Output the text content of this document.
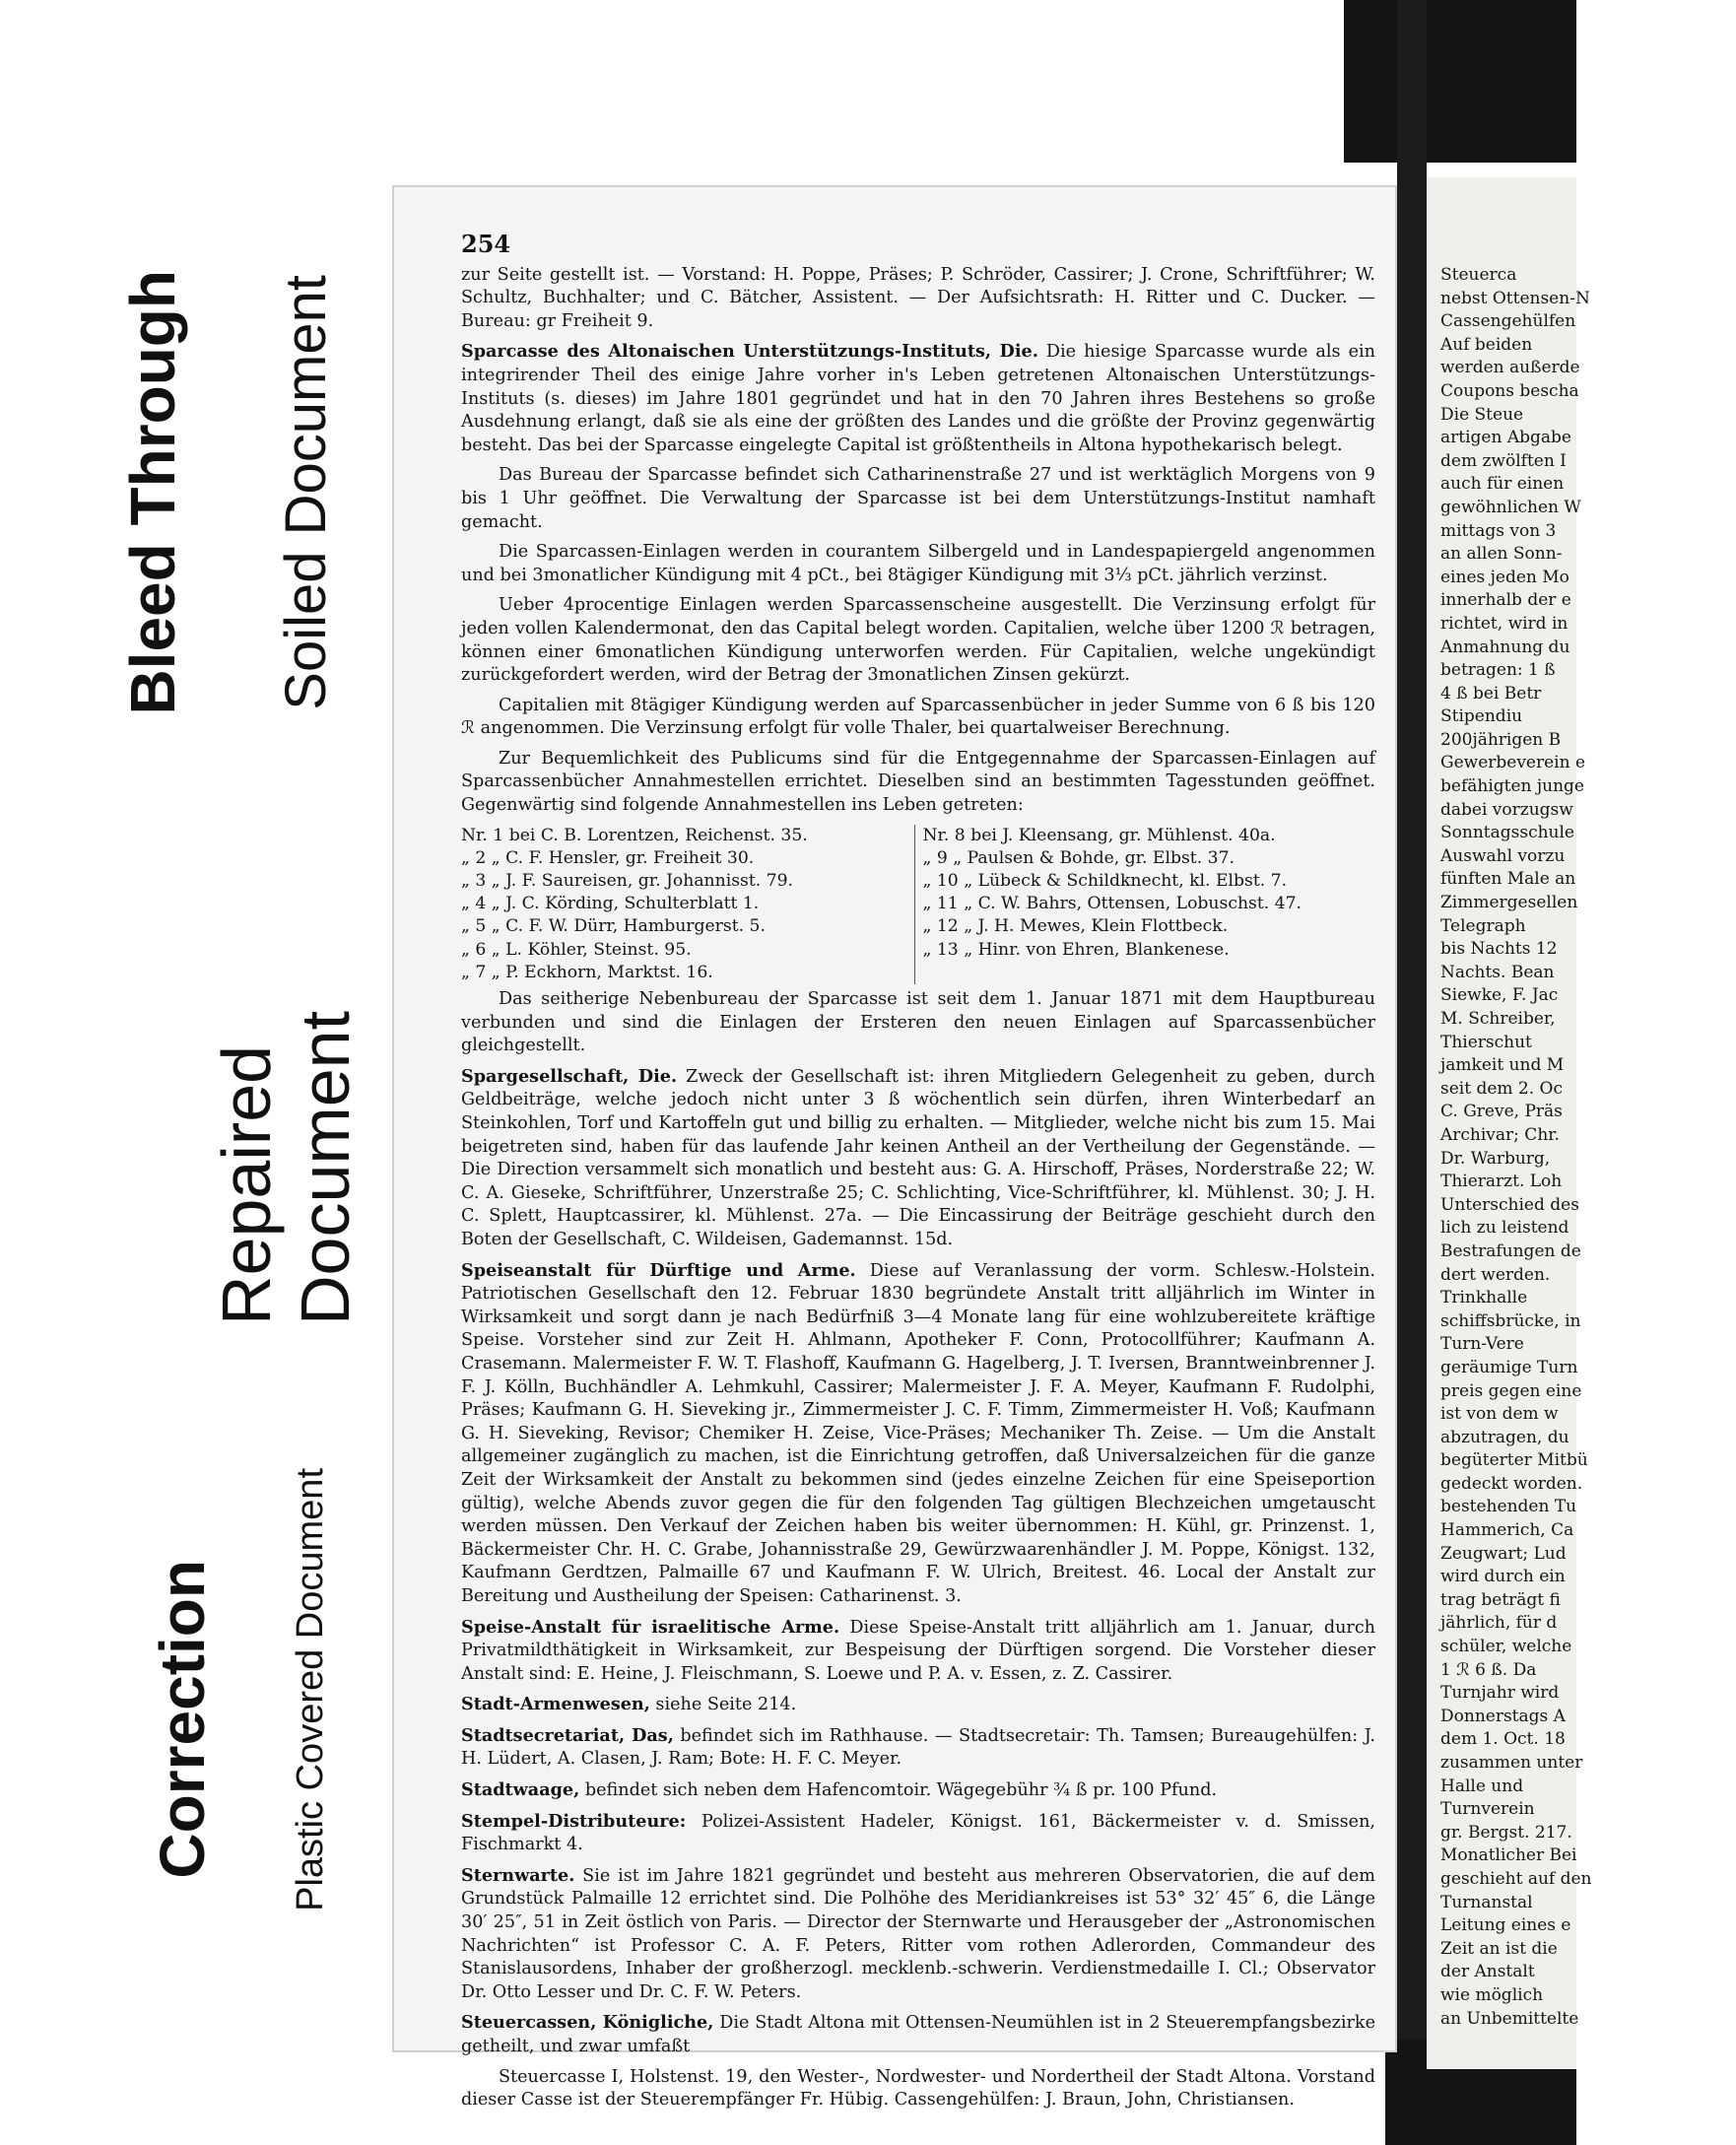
Bleed Through Soiled Document
Repaired Document
Correction Plastic Covered Document
254

zur Seite gestellt ist. — Vorstand: H. Poppe, Präses; P. Schröder, Cassirer; J. Crone, Schriftführer; W. Schultz, Buchhalter; und C. Bätcher, Assistent. — Der Aufsichtsrath: H. Ritter und C. Ducker. — Bureau: gr Freiheit 9.

Sparcasse des Altonaischen Unterstützungs-Instituts, Die. Die hiesige Sparcasse wurde als ein integrirender Theil des einige Jahre vorher in's Leben getretenen Altonaischen Unterstützungs-Instituts (s. dieses) im Jahre 1801 gegründet und hat in den 70 Jahren ihres Bestehens so große Ausdehnung erlangt, daß sie als eine der größten des Landes und die größte der Provinz gegenwärtig besteht. Das bei der Sparcasse eingelegte Capital ist größtentheils in Altona hypothekarisch belegt.

Das Bureau der Sparcasse befindet sich Catharinenstraße 27 und ist werktäglich Morgens von 9 bis 1 Uhr geöffnet. Die Verwaltung der Sparcasse ist bei dem Unterstützungs-Institut namhaft gemacht.

Die Sparcassen-Einlagen werden in courantem Silbergeld und in Landespapiergeld angenommen und bei 3monatlicher Kündigung mit 4 pCt., bei 8tägiger Kündigung mit 3⅓ pCt. jährlich verzinst.

Ueber 4procentige Einlagen werden Sparcassenscheine ausgestellt. Die Verzinsung erfolgt für jeden vollen Kalendermonat, den das Capital belegt worden. Capitalien, welche über 1200 ℛ betragen, können einer 6monatlichen Kündigung unterworfen werden. Für Capitalien, welche ungekündigt zurückgefordert werden, wird der Betrag der 3monatlichen Zinsen gekürzt.

Capitalien mit 8tägiger Kündigung werden auf Sparcassenbücher in jeder Summe von 6 ß bis 120 ℛ angenommen. Die Verzinsung erfolgt für volle Thaler, bei quartalweiser Berechnung.

Zur Bequemlichkeit des Publicums sind für die Entgegennahme der Sparcassen-Einlagen auf Sparcassenbücher Annahmestellen errichtet. Dieselben sind an bestimmten Tagesstunden geöffnet. Gegenwärtig sind folgende Annahmestellen ins Leben getreten:

Nr. 1 bei C. B. Lorentzen, Reichenst. 35.
„ 2 „ C. F. Hensler, gr. Freiheit 30.
„ 3 „ J. F. Saureisen, gr. Johannisst. 79.
„ 4 „ J. C. Körding, Schulterblatt 1.
„ 5 „ C. F. W. Dürr, Hamburgerst. 5.
„ 6 „ L. Köhler, Steinst. 95.
„ 7 „ P. Eckhorn, Marktst. 16.
Nr. 8 bei J. Kleensang, gr. Mühlenst. 40a.
„ 9 „ Paulsen & Bohde, gr. Elbst. 37.
„ 10 „ Lübeck & Schildknecht, kl. Elbst. 7.
„ 11 „ C. W. Bahrs, Ottensen, Lobuschst. 47.
„ 12 „ J. H. Mewes, Klein Flottbeck.
„ 13 „ Hinr. von Ehren, Blankenese.

Das seitherige Nebenbureau der Sparcasse ist seit dem 1. Januar 1871 mit dem Hauptbureau verbunden und sind die Einlagen der Ersteren den neuen Einlagen auf Sparcassenbücher gleichgestellt.

Spargesellschaft, Die. Zweck der Gesellschaft ist: ihren Mitgliedern Gelegenheit zu geben, durch Geldbeiträge, welche jedoch nicht unter 3 ß wöchentlich sein dürfen, ihren Winterbedarf an Steinkohlen, Torf und Kartoffeln gut und billig zu erhalten. — Mitglieder, welche nicht bis zum 15. Mai beigetreten sind, haben für das laufende Jahr keinen Antheil an der Vertheilung der Gegenstände. — Die Direction versammelt sich monatlich und besteht aus: G. A. Hirschoff, Präses, Norderstraße 22; W. C. A. Gieseke, Schriftführer, Unzerstraße 25; C. Schlichting, Vice-Schriftführer, kl. Mühlenst. 30; J. H. C. Splett, Hauptcassirer, kl. Mühlenst. 27a. — Die Eincassirung der Beiträge geschieht durch den Boten der Gesellschaft, C. Wildeisen, Gademannst. 15d.

Speiseanstalt für Dürftige und Arme. Diese auf Veranlassung der vorm. Schlesw.-Holstein. Patriotischen Gesellschaft den 12. Februar 1830 begründete Anstalt tritt alljährlich im Winter in Wirksamkeit und sorgt dann je nach Bedürfniß 3—4 Monate lang für eine wohlzubereitete kräftige Speise. Vorsteher sind zur Zeit H. Ahlmann, Apotheker F. Conn, Protocollführer; Kaufmann A. Crasemann. Malermeister F. W. T. Flashoff, Kaufmann G. Hagelberg, J. T. Iversen, Branntweinbrenner J. F. J. Kölln, Buchhändler A. Lehmkuhl, Cassirer; Malermeister J. F. A. Meyer, Kaufmann F. Rudolphi, Präses; Kaufmann G. H. Sieveking jr., Zimmermeister J. C. F. Timm, Zimmermeister H. Voß; Kaufmann G. H. Sieveking, Revisor; Chemiker H. Zeise, Vice-Präses; Mechaniker Th. Zeise. — Um die Anstalt allgemeiner zugänglich zu machen, ist die Einrichtung getroffen, daß Universalzeichen für die ganze Zeit der Wirksamkeit der Anstalt zu bekommen sind (jedes einzelne Zeichen für eine Speiseportion gültig), welche Abends zuvor gegen die für den folgenden Tag gültigen Blechzeichen umgetauscht werden müssen. Den Verkauf der Zeichen haben bis weiter übernommen: H. Kühl, gr. Prinzenst. 1, Bäckermeister Chr. H. C. Grabe, Johannisstraße 29, Gewürzwaarenhändler J. M. Poppe, Königst. 132, Kaufmann Gerdtzen, Palmaille 67 und Kaufmann F. W. Ulrich, Breitest. 46. Local der Anstalt zur Bereitung und Austheilung der Speisen: Catharinenst. 3.

Speise-Anstalt für israelitische Arme. Diese Speise-Anstalt tritt alljährlich am 1. Januar, durch Privatmildthätigkeit in Wirksamkeit, zur Bespeisung der Dürftigen sorgend. Die Vorsteher dieser Anstalt sind: E. Heine, J. Fleischmann, S. Loewe und P. A. v. Essen, z. Z. Cassirer.

Stadt-Armenwesen, siehe Seite 214.

Stadtsecretariat, Das, befindet sich im Rathhause. — Stadtsecretair: Th. Tamsen; Bureaugehülfen: J. H. Lüdert, A. Clasen, J. Ram; Bote: H. F. C. Meyer.

Stadtwaage, befindet sich neben dem Hafencomtoir. Wägegebühr ¾ ß pr. 100 Pfund.

Stempel-Distributeure: Polizei-Assistent Hadeler, Königst. 161, Bäckermeister v. d. Smissen, Fischmarkt 4.

Sternwarte. Sie ist im Jahre 1821 gegründet und besteht aus mehreren Observatorien, die auf dem Grundstück Palmaille 12 errichtet sind. Die Polhöhe des Meridiankreises ist 53° 32′ 45″ 6, die Länge 30′ 25″, 51 in Zeit östlich von Paris. — Director der Sternwarte und Herausgeber der „Astronomischen Nachrichten“ ist Professor C. A. F. Peters, Ritter vom rothen Adlerorden, Commandeur des Stanislausordens, Inhaber der großherzogl. mecklenb.-schwerin. Verdienstmedaille I. Cl.; Observator Dr. Otto Lesser und Dr. C. F. W. Peters.

Steuercassen, Königliche, Die Stadt Altona mit Ottensen-Neumühlen ist in 2 Steuerempfangsbezirke getheilt, und zwar umfaßt

Steuercasse I, Holstenst. 19, den Wester-, Nordwester- und Nordertheil der Stadt Altona. Vorstand dieser Casse ist der Steuerempfänger Fr. Hübig. Cassengehülfen: J. Braun, John, Christiansen.

Steuerca
nebst Ottensen-N
Cassengehülfen
Auf beiden
werden außerde
Coupons bescha
Die Steue
artigen Abgabe
dem zwölften I
auch für einen
gewöhnlichen W
mittags von 3
an allen Sonn-
eines jeden Mo
innerhalb der e
richtet, wird in
Anmahnung du
betragen: 1 ß
4 ß bei Betr
Stipendiu
200jährigen B
Gewerbeverein e
befähigten junge
dabei vorzugsw
Sonntagsschule
Auswahl vorzu
fünften Male an
Zimmergesellen
Telegraph
bis Nachts 12
Nachts. Bean
Siewke, F. Jac
M. Schreiber,
Thierschut
jamkeit und M
seit dem 2. Oc
C. Greve, Präs
Archivar; Chr.
Dr. Warburg,
Thierarzt. Loh
Unterschied des
lich zu leistend
Bestrafungen de
dert werden.
Trinkhalle
schiffsbrücke, in
Turn-Vere
geräumige Turn
preis gegen eine
ist von dem w
abzutragen, du
begüterter Mitbü
gedeckt worden.
bestehenden Tu
Hammerich, Ca
Zeugwart; Lud
wird durch ein
trag beträgt fi
jährlich, für d
schüler, welche
1 ℛ 6 ß. Da
Turnjahr wird
Donnerstags A
dem 1. Oct. 18
zusammen unter
Halle und
Turnverein
gr. Bergst. 217.
Monatlicher Bei
geschieht auf den
Turnanstal
Leitung eines e
Zeit an ist die
der Anstalt
wie möglich
an Unbemittelte
